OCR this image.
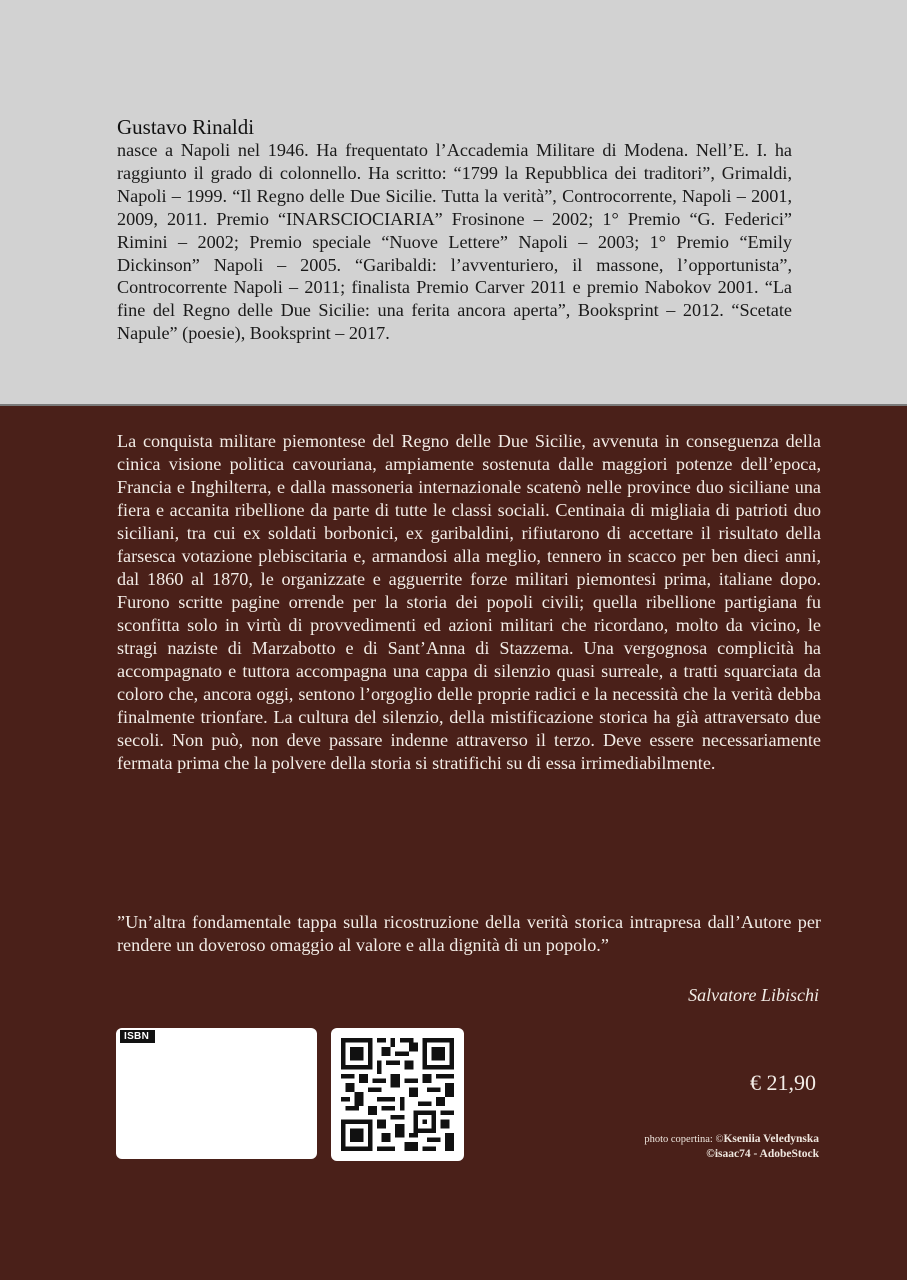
Gustavo Rinaldi

nasce a Napoli nel 1946. Ha frequentato l’Accademia Militare di Modena. Nell’E. I. ha raggiunto il grado di colonnello. Ha scritto: “1799 la Repubblica dei traditori”, Grimaldi, Napoli – 1999. “Il Regno delle Due Sicilie. Tutta la verità”, Controcorrente, Napoli – 2001, 2009, 2011. Premio “INARSCIOCIARIA” Frosinone – 2002; 1° Premio “G. Federici” Rimini – 2002; Premio speciale “Nuove Lettere” Napoli – 2003; 1° Premio “Emily Dickinson” Napoli – 2005. “Garibaldi: l’avventuriero, il massone, l’opportunista”, Controcorrente Napoli – 2011; finalista Premio Carver 2011 e premio Nabokov 2001. “La fine del Regno delle Due Sicilie: una ferita ancora aperta”, Booksprint – 2012. “Scetate Napule” (poesie), Booksprint – 2017.

La conquista militare piemontese del Regno delle Due Sicilie, avvenuta in conseguenza della cinica visione politica cavouriana, ampiamente sostenuta dalle maggiori potenze dell’epoca, Francia e Inghilterra, e dalla massoneria internazionale scatenò nelle province duo siciliane una fiera e accanita ribellione da parte di tutte le classi sociali. Centinaia di migliaia di patrioti duo siciliani, tra cui ex soldati borbonici, ex garibaldini, rifiutarono di accettare il risultato della farsesca votazione plebiscitaria e, armandosi alla meglio, tennero in scacco per ben dieci anni, dal 1860 al 1870, le organizzate e agguerrite forze militari piemontesi prima, italiane dopo. Furono scritte pagine orrende per la storia dei popoli civili; quella ribellione partigiana fu sconfitta solo in virtù di provvedimenti ed azioni militari che ricordano, molto da vicino, le stragi naziste di Marzabotto e di Sant’Anna di Stazzema. Una vergognosa complicità ha accompagnato e tuttora accompagna una cappa di silenzio quasi surreale, a tratti squarciata da coloro che, ancora oggi, sentono l’orgoglio delle proprie radici e la necessità che la verità debba finalmente trionfare. La cultura del silenzio, della mistificazione storica ha già attraversato due secoli. Non può, non deve passare indenne attraverso il terzo. Deve essere necessariamente fermata prima che la polvere della storia si stratifichi su di essa irrimediabilmente.

”Un’altra fondamentale tappa sulla ricostruzione della verità storica intrapresa dall’Autore per rendere un doveroso omaggio al valore e alla dignità di un popolo.”

Salvatore Libischi
ISBN
€ 21,90
photo copertina: ©Kseniia Veledynska
©isaac74 - AdobeStock
